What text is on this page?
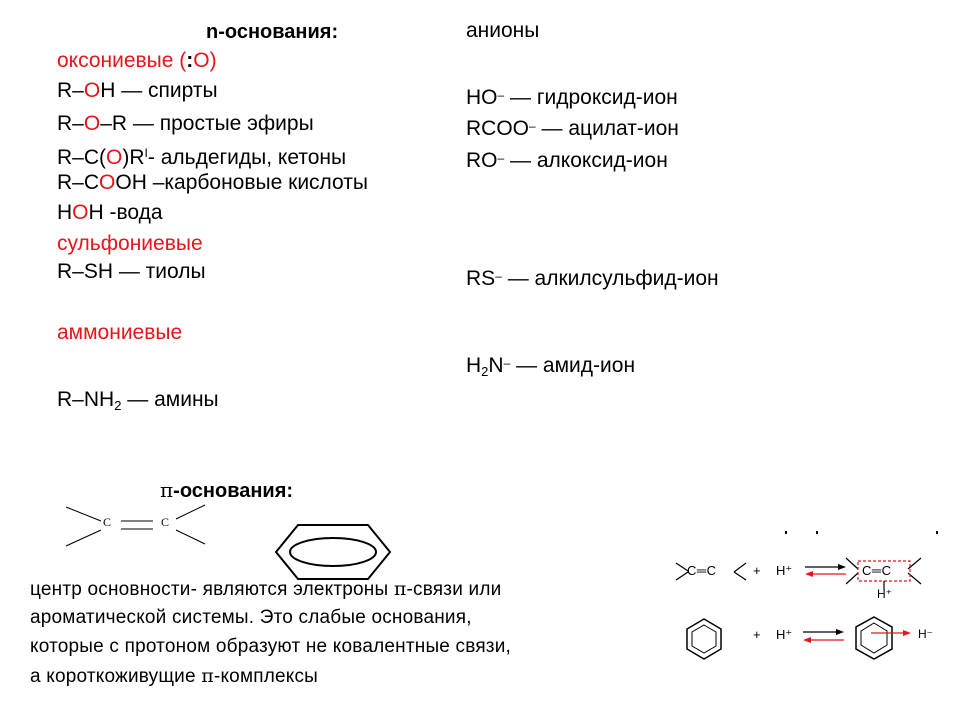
n-основания:
оксониевые (:O)
R–OH — спирты
R–O–R — простые эфиры
$R-C(O)R^I-$ альдегиды, кетоны
R–COOH –карбоновые кислоты
HOH -вода
сульфониевые
R–SH — тиолы
аммониевые
$R-NH_2$ — амины
анионы
HO– — гидроксид-ион
RCOO– — ацилат-ион
RO– — алкоксид-ион
RS– — алкилсульфид-ион
$H_2N^-$ — амид-ион
π-основания:
C	C
центр основности- являются электроны π-связи или
ароматической системы. Это слабые основания,
которые с протоном образуют не ковалентные связи,
а короткоживущие π-комплексы
C═C	+ H⁺	C═C
H⁺
+ H⁺	H⁻
